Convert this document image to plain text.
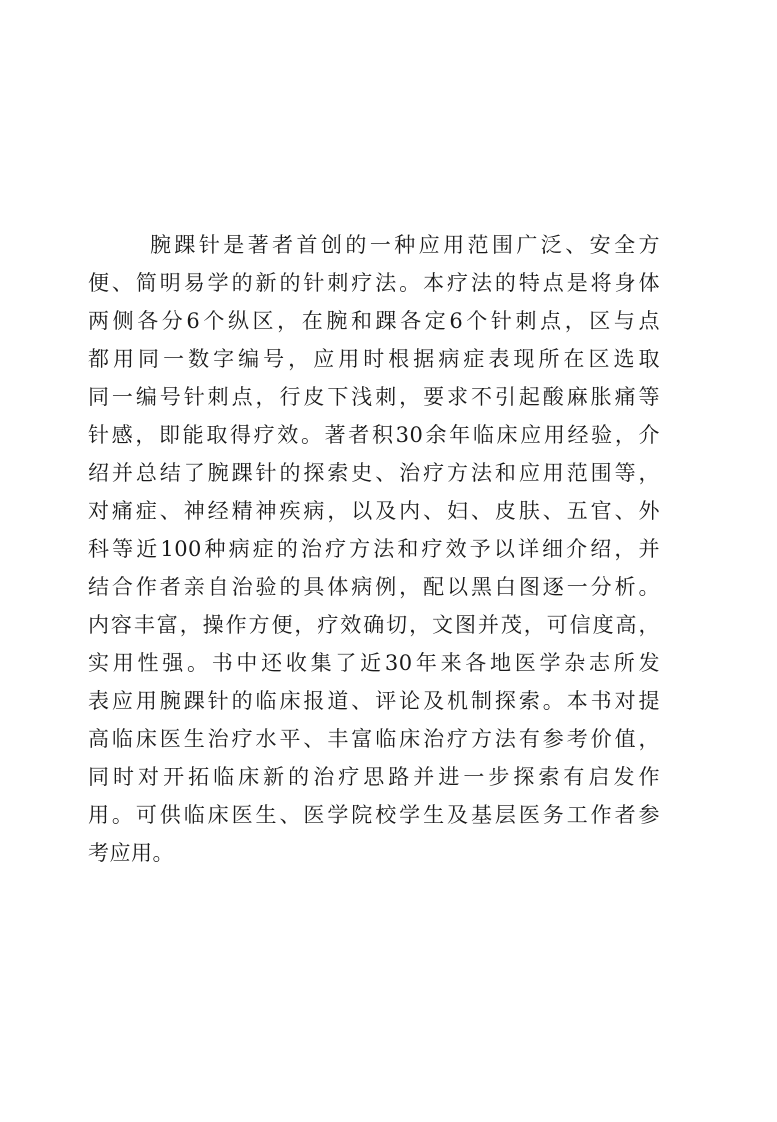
腕踝针是著者首创的一种应用范围广泛、安全方
便、简明易学的新的针刺疗法。本疗法的特点是将身体
两侧各分6个纵区，在腕和踝各定6个针刺点，区与点
都用同一数字编号，应用时根据病症表现所在区选取
同一编号针刺点，行皮下浅刺，要求不引起酸麻胀痛等
针感，即能取得疗效。著者积30余年临床应用经验，介
绍并总结了腕踝针的探索史、治疗方法和应用范围等，
对痛症、神经精神疾病，以及内、妇、皮肤、五官、外
科等近100种病症的治疗方法和疗效予以详细介绍，并
结合作者亲自治验的具体病例，配以黑白图逐一分析。
内容丰富，操作方便，疗效确切，文图并茂，可信度高，
实用性强。书中还收集了近30年来各地医学杂志所发
表应用腕踝针的临床报道、评论及机制探索。本书对提
高临床医生治疗水平、丰富临床治疗方法有参考价值，
同时对开拓临床新的治疗思路并进一步探索有启发作
用。可供临床医生、医学院校学生及基层医务工作者参
考应用。
